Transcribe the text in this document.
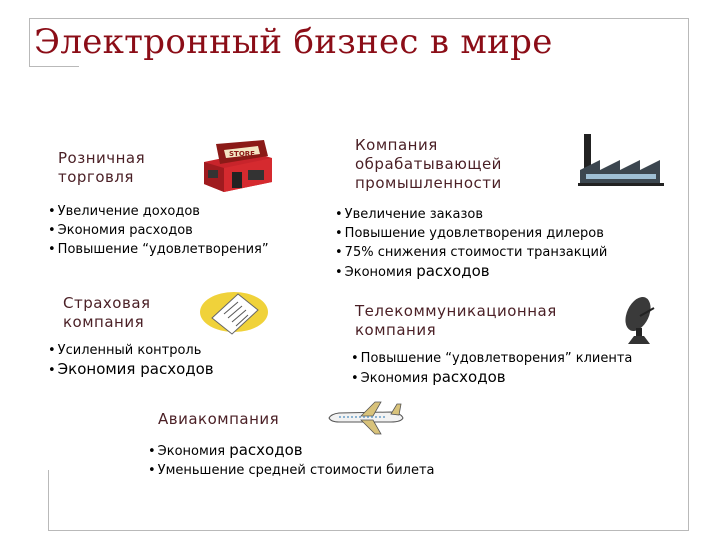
Электронный бизнес в мире
Розничная
торговля
STORE
• Увеличение доходов
• Экономия расходов
• Повышение “удовлетворения”
Компания
обрабатывающей
промышленности
• Увеличение заказов
• Повышение удовлетворения дилеров
• 75% снижения стоимости транзакций
• Экономия расходов
Страховая
компания
• Усиленный контроль
• Экономия расходов
Телекоммуникационная
компания
• Повышение “удовлетворения” клиента
• Экономия расходов
Авиакомпания
• Экономия расходов
• Уменьшение средней стоимости билета
